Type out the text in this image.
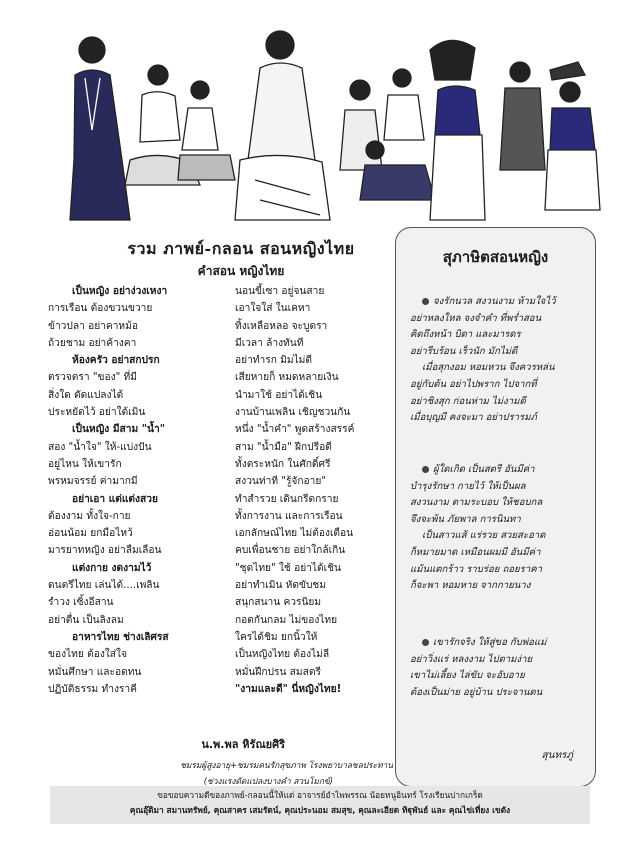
รวม ภาพย์-กลอน สอนหญิงไทย
คำสอน หญิงไทย
เป็นหญิง อย่าง่วงเหงา
การเรือน ต้องขวนขวาย
ข้าวปลา อย่าคาหม้อ
ถ้วยชาม อย่าค้างคา
ห้องครัว อย่าสกปรก
ตรวจตรา "ของ" ที่มี
สิ่งใด ตัดแปลงได้
ประหยัดไว้ อย่าใด้เมิน
เป็นหญิง มีสาม "น้ำ"
สอง "น้ำใจ" ให้-แบ่งปัน
อยู่ไหน ให้เขารัก
พรหมจรรย์ ค่ามากมี
อย่าเอา แต่แต่งสวย
ต้องงาม ทั้งใจ-กาย
อ่อนน้อม ยกมือไหว้
มารยาทหญิง อย่าลืมเลือน
แต่งกาย งดงามไว้
ดนตรีไทย เล่นได้....เพลิน
รำวง เซิ้งอีสาน
อย่าตื่น เป็นลิงลม
อาหารไทย ช่างเลิศรส
ของไทย ต้องใส่ใจ
หมั่นศึกษา และอดทน
ปฏิบัติธรรม ทำงราคี
นอนขี้เซา อยู่จนสาย
เอาใจใส่ ในเคหา
ทิ้งเหลือหลอ จะบูดรา
มีเวลา ล้างทันที
อย่าทำรก มิมไม่ดี
เสียหายก็ หมดหลายเงิน
นำมาใช้ อย่าได้เชิน
งานบ้านเพลิน เชิญชวนกัน
หนึ่ง "น้ำคำ" พูดสร้างสรรค์
สาม "น้ำมือ" ฝีกปรีอดี
ทั้งตระหนัก ในศักดิ์ศรี
สงวนท่าที "รู้จักอาย"
ทำสำรวย เดินกรีดกราย
ทั้งการงาน และการเรือน
เอกลักษณ์ไทย ไม่ต้องเตือน
คบเพื่อนชาย อย่าใกล้เกิน
"ชุดไทย" ใช้ อย่าได้เชิน
อย่าทำเมิน หัดขับชม
สนุกสนาน ควรนิยม
กอดกันกลม ไม่ของไทย
ใครได้ชิม ยกนิ้วให้
เป็นหญิงไทย ต้องไม่ลี
หมั่นฝึกปรน สมสตรี
"งามและดี" นี่หญิงไทย!
น.พ.พล หิรัณยศิริ
ชมรมผู้สูงอายุ+ชมรมคนรักสุขภาพ โรงพยาบาลชลประทาน
(ช่วงแรงดัดแปลงบางคำ สวนโมกข์)
สุภาษิตสอนหญิง
จงรักนวล สงวนงาม ห้ามใจไว้
อย่าหลงใหล จงจำคำ ที่พร่ำสอน
คิดถึงหน้า บิดา และมารดร
อย่ารีบร้อน เร็วนัก มักไม่ดี
เมื่อสุกงอม หอมหวน จึงควรหล่น
อยู่กับต้น อย่าไปพราก ไปจากที่
อย่าชิงสุก ก่อนห่าม ไม่งามดี
เมื่อบุญมี คงจะมา อย่าปรารมภ์
ผู้ใดเกิด เป็นสตรี อันมีค่า
บำรุงรักษา กายไว้ ให้เป็นผล
สงวนงาม ตามระบอบ ให้ชอบกล
จึงจะพ้น ภัยพาล การนินทา
เป็นสาวแส้ แร่รวย สวยสะอาด
ก็หมายมาด เหมือนผมมี อันมีค่า
แม้นแตกร้าว ราบร่อย ถอยราคา
ก็จะพา หอมหาย จากกายนาง
เขารักจริง ให้สู่ขอ กับพ่อแม่
อย่าวิ่งแร่ หลงงาม ไปตามง่าย
เขาไม่เลี้ยง ไล่ขับ จะอับอาย
ต้องเป็นม่าย อยู่บ้าน ประจานตน
สุนทรภู่
ขอขอบความดีของภาพย์-กลอนนี้ให้แด่ อาจารย์อำไพพรรณ น้อยหนูอินทร์ โรงเรียนปากเกร็ด
คุณอุ๊ติมา สมานทรัพย์, คุณสาคร เสมรัตน์, คุณประนอม สมสุข, คุณละเอียด ทิฐุพันธ์ และ คุณไข่เที่ยง เขตัง
